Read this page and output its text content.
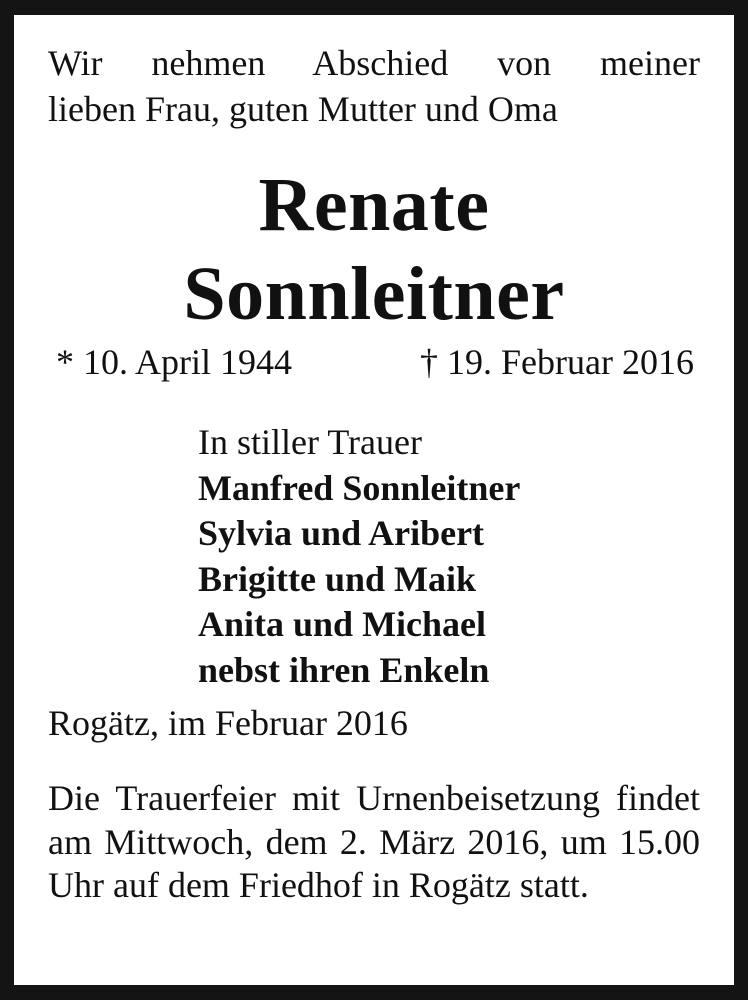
Wir nehmen Abschied von meiner
lieben Frau, guten Mutter und Oma

Renate

Sonnleitner

* 10. April 1944	† 19. Februar 2016
In stiller Trauer
Manfred Sonnleitner
Sylvia und Aribert
Brigitte und Maik
Anita und Michael
nebst ihren Enkeln
Rogätz, im Februar 2016
Die Trauerfeier mit Urnenbeisetzung findet am Mittwoch, dem 2. März 2016, um 15.00 Uhr auf dem Friedhof in Rogätz statt.
